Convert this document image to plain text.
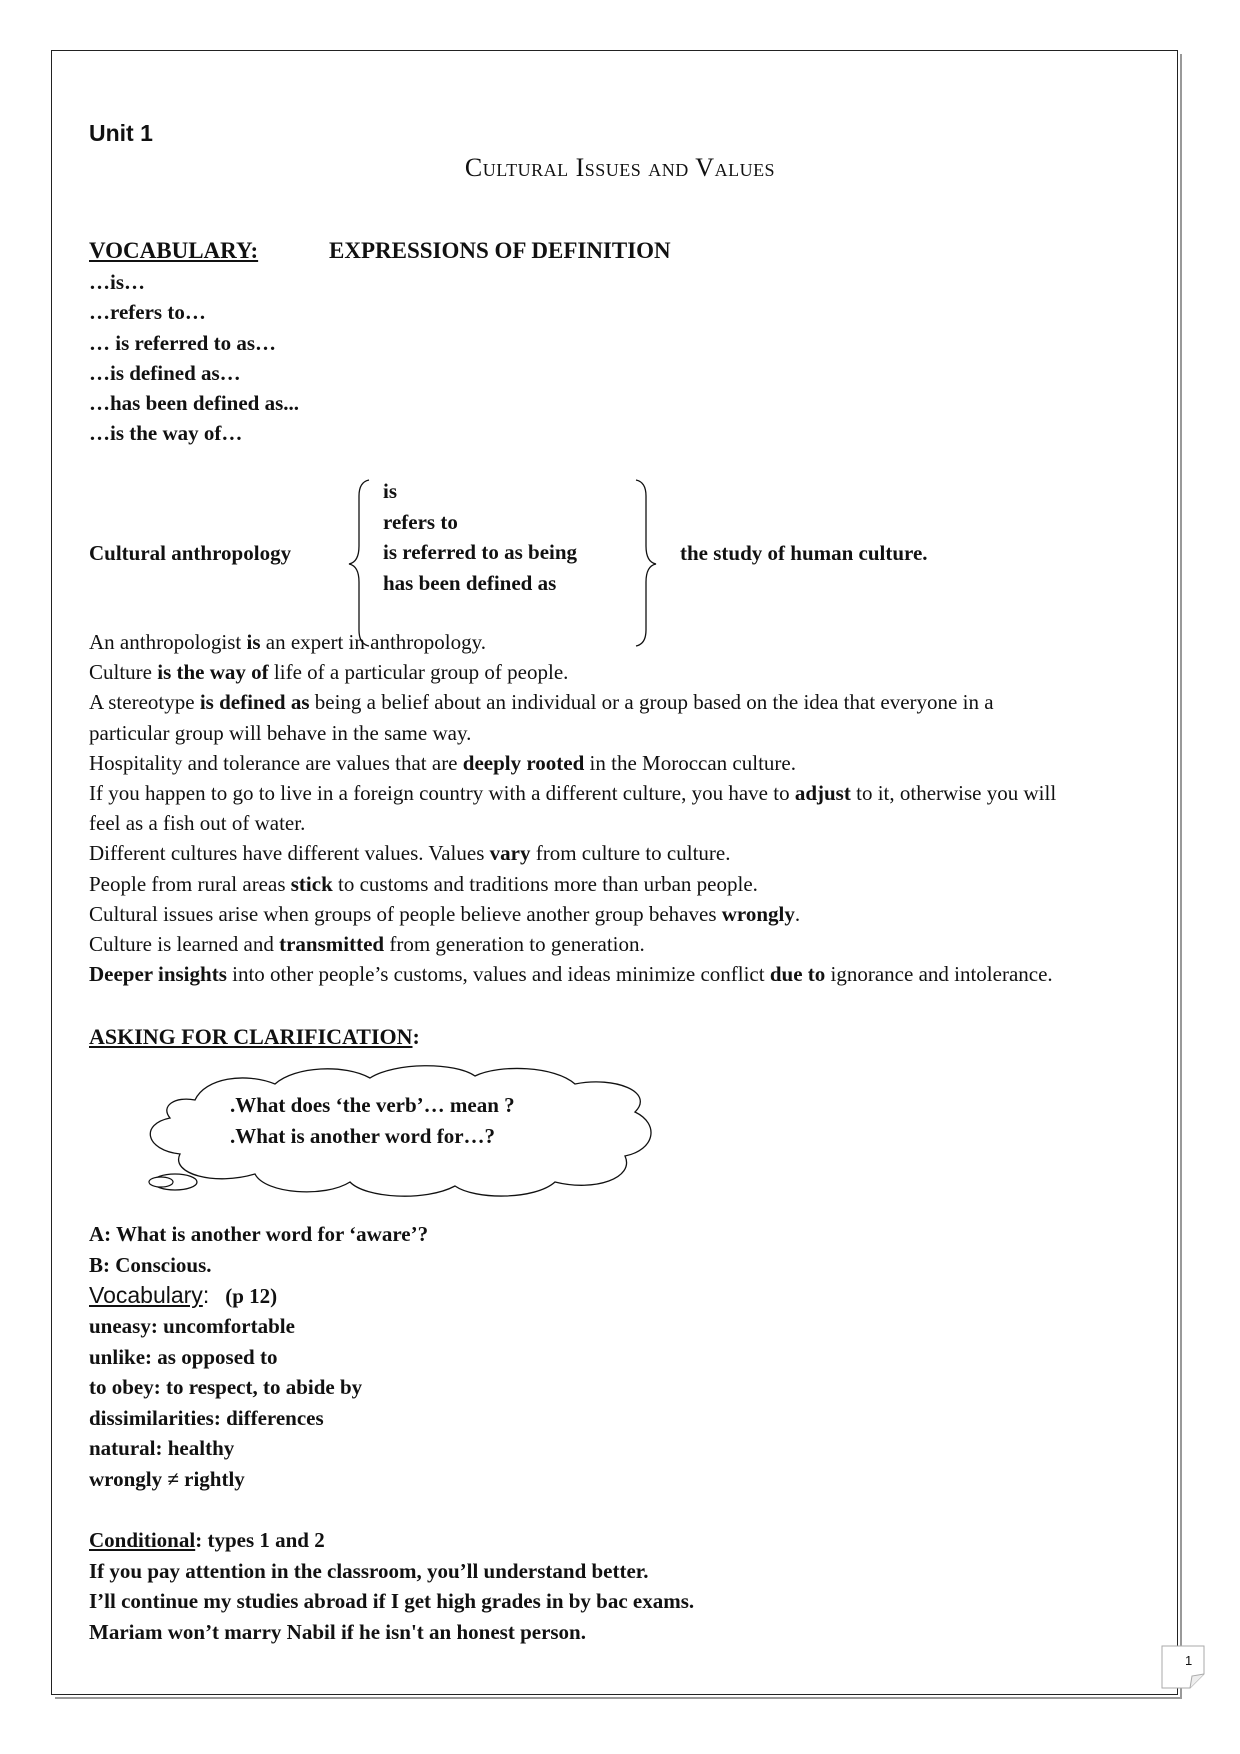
Unit 1
Cultural Issues and Values
VOCABULARY:	EXPRESSIONS OF DEFINITION
…is…
…refers to…
… is referred to as…
…is defined as…
…has been defined as...
…is the way of…
Cultural anthropology
is
refers to
is referred to as being
has been defined as
the study of human culture.
An anthropologist is an expert in anthropology.
Culture is the way of life of a particular group of people.
A stereotype is defined as being a belief about an individual or a group based on the idea that everyone in a
particular group will behave in the same way.
Hospitality and tolerance are values that are deeply rooted in the Moroccan culture.
If you happen to go to live in a foreign country with a different culture, you have to adjust to it, otherwise you will
feel as a fish out of water.
Different cultures have different values. Values vary from culture to culture.
People from rural areas stick to customs and traditions more than urban people.
Cultural issues arise when groups of people believe another group behaves wrongly.
Culture is learned and transmitted from generation to generation.
Deeper insights into other people’s customs, values and ideas minimize conflict due to ignorance and intolerance.
ASKING FOR CLARIFICATION:
.What does ‘the verb’… mean ?
.What is another word for…?
A: What is another word for ‘aware’?
B: Conscious.
Vocabulary: (p 12)
uneasy: uncomfortable
unlike: as opposed to
to obey: to respect, to abide by
dissimilarities: differences
natural: healthy
wrongly ≠ rightly
Conditional: types 1 and 2
If you pay attention in the classroom, you’ll understand better.
I’ll continue my studies abroad if I get high grades in by bac exams.
Mariam won’t marry Nabil if he isn't an honest person.
1
